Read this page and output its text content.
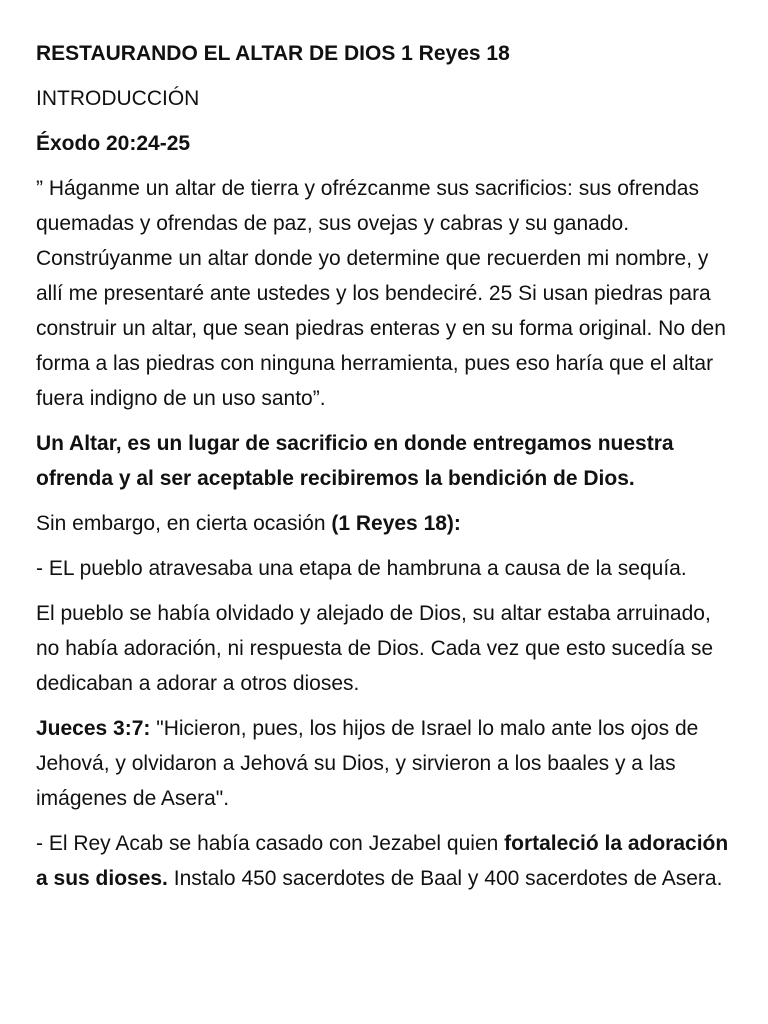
RESTAURANDO EL ALTAR DE DIOS 1 Reyes 18

INTRODUCCIÓN

Éxodo 20:24-25

” Háganme un altar de tierra y ofrézcanme sus sacrificios: sus ofrendas quemadas y ofrendas de paz, sus ovejas y cabras y su ganado. Constrúyanme un altar donde yo determine que recuerden mi nombre, y allí me presentaré ante ustedes y los bendeciré. 25 Si usan piedras para construir un altar, que sean piedras enteras y en su forma original. No den forma a las piedras con ninguna herramienta, pues eso haría que el altar fuera indigno de un uso santo”.

Un Altar, es un lugar de sacrificio en donde entregamos nuestra ofrenda y al ser aceptable recibiremos la bendición de Dios.

Sin embargo, en cierta ocasión (1 Reyes 18):

- EL pueblo atravesaba una etapa de hambruna a causa de la sequía.

El pueblo se había olvidado y alejado de Dios, su altar estaba arruinado, no había adoración, ni respuesta de Dios. Cada vez que esto sucedía se dedicaban a adorar a otros dioses.

Jueces 3:7: "Hicieron, pues, los hijos de Israel lo malo ante los ojos de Jehová, y olvidaron a Jehová su Dios, y sirvieron a los baales y a las imágenes de Asera".

- El Rey Acab se había casado con Jezabel quien fortaleció la adoración a sus dioses. Instalo 450 sacerdotes de Baal y 400 sacerdotes de Asera.
